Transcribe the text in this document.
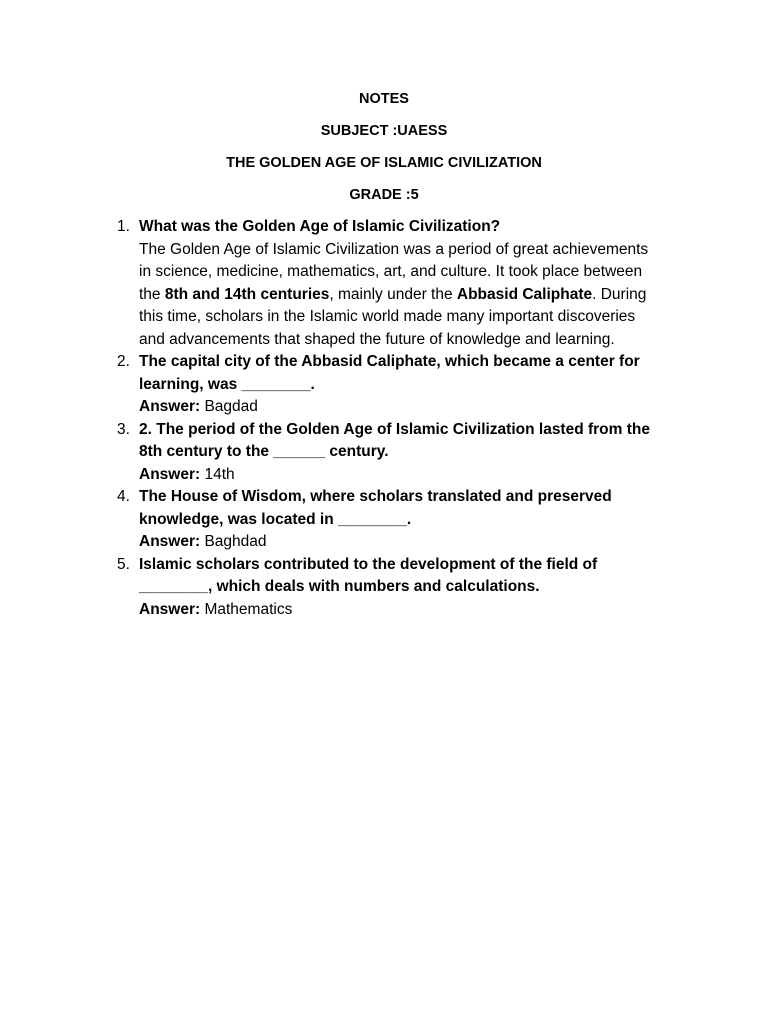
NOTES
SUBJECT :UAESS
THE GOLDEN AGE OF ISLAMIC CIVILIZATION
GRADE :5
1. What was the Golden Age of Islamic Civilization?
The Golden Age of Islamic Civilization was a period of great achievements in science, medicine, mathematics, art, and culture. It took place between the 8th and 14th centuries, mainly under the Abbasid Caliphate. During this time, scholars in the Islamic world made many important discoveries and advancements that shaped the future of knowledge and learning.
2. The capital city of the Abbasid Caliphate, which became a center for learning, was ________.
Answer: Bagdad
3. 2. The period of the Golden Age of Islamic Civilization lasted from the 8th century to the ______ century.
Answer: 14th
4. The House of Wisdom, where scholars translated and preserved knowledge, was located in ________.
Answer: Baghdad
5. Islamic scholars contributed to the development of the field of ________, which deals with numbers and calculations.
Answer: Mathematics
